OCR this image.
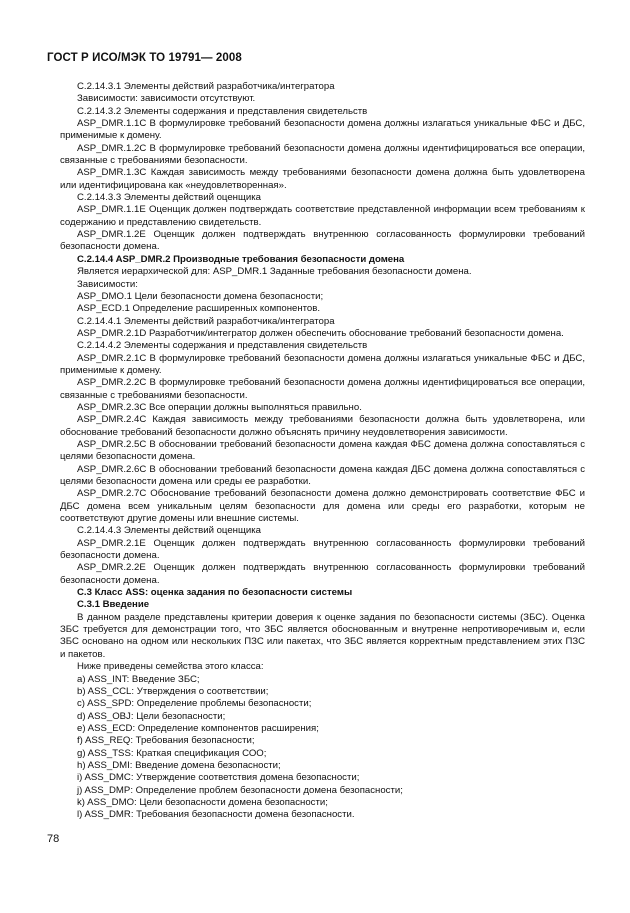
ГОСТ Р ИСО/МЭК ТО 19791— 2008

C.2.14.3.1 Элементы действий разработчика/интегратора

Зависимости: зависимости отсутствуют.

C.2.14.3.2 Элементы содержания и представления свидетельств

ASP_DMR.1.1C В формулировке требований безопасности домена должны излагаться уникальные ФБС и ДБС, применимые к домену.

ASP_DMR.1.2C В формулировке требований безопасности домена должны идентифицироваться все операции, связанные с требованиями безопасности.

ASP_DMR.1.3C Каждая зависимость между требованиями безопасности домена должна быть удовлетворена или идентифицирована как «неудовлетворенная».

C.2.14.3.3 Элементы действий оценщика

ASP_DMR.1.1E Оценщик должен подтверждать соответствие представленной информации всем требованиям к содержанию и представлению свидетельств.

ASP_DMR.1.2E Оценщик должен подтверждать внутреннюю согласованность формулировки требований безопасности домена.

C.2.14.4 ASP_DMR.2 Производные требования безопасности домена

Является иерархической для: ASP_DMR.1 Заданные требования безопасности домена.

Зависимости:

ASP_DMO.1 Цели безопасности домена безопасности;

ASP_ECD.1 Определение расширенных компонентов.

C.2.14.4.1 Элементы действий разработчика/интегратора

ASP_DMR.2.1D Разработчик/интегратор должен обеспечить обоснование требований безопасности домена.

C.2.14.4.2 Элементы содержания и представления свидетельств

ASP_DMR.2.1C В формулировке требований безопасности домена должны излагаться уникальные ФБС и ДБС, применимые к домену.

ASP_DMR.2.2C В формулировке требований безопасности домена должны идентифицироваться все операции, связанные с требованиями безопасности.

ASP_DMR.2.3C Все операции должны выполняться правильно.

ASP_DMR.2.4C Каждая зависимость между требованиями безопасности должна быть удовлетворена, или обоснование требований безопасности должно объяснять причину неудовлетворения зависимости.

ASP_DMR.2.5C В обосновании требований безопасности домена каждая ФБС домена должна сопоставляться с целями безопасности домена.

ASP_DMR.2.6C В обосновании требований безопасности домена каждая ДБС домена должна сопоставляться с целями безопасности домена или среды ее разработки.

ASP_DMR.2.7C Обоснование требований безопасности домена должно демонстрировать соответствие ФБС и ДБС домена всем уникальным целям безопасности для домена или среды его разработки, которым не соответствуют другие домены или внешние системы.

C.2.14.4.3 Элементы действий оценщика

ASP_DMR.2.1E Оценщик должен подтверждать внутреннюю согласованность формулировки требований безопасности домена.

ASP_DMR.2.2E Оценщик должен подтверждать внутреннюю согласованность формулировки требований безопасности домена.

C.3 Класс ASS: оценка задания по безопасности системы

C.3.1 Введение

В данном разделе представлены критерии доверия к оценке задания по безопасности системы (ЗБС). Оценка ЗБС требуется для демонстрации того, что ЗБС является обоснованным и внутренне непротиворечивым и, если ЗБС основано на одном или нескольких ПЗС или пакетах, что ЗБС является корректным представлением этих ПЗС и пакетов.

Ниже приведены семейства этого класса:

a) ASS_INT: Введение ЗБС;

b) ASS_CCL: Утверждения о соответствии;

c) ASS_SPD: Определение проблемы безопасности;

d) ASS_OBJ: Цели безопасности;

e) ASS_ECD: Определение компонентов расширения;

f) ASS_REQ: Требования безопасности;

g) ASS_TSS: Краткая спецификация СОО;

h) ASS_DMI: Введение домена безопасности;

i) ASS_DMC: Утверждение соответствия домена безопасности;

j) ASS_DMP: Определение проблем безопасности домена безопасности;

k) ASS_DMO: Цели безопасности домена безопасности;

l) ASS_DMR: Требования безопасности домена безопасности.

78
